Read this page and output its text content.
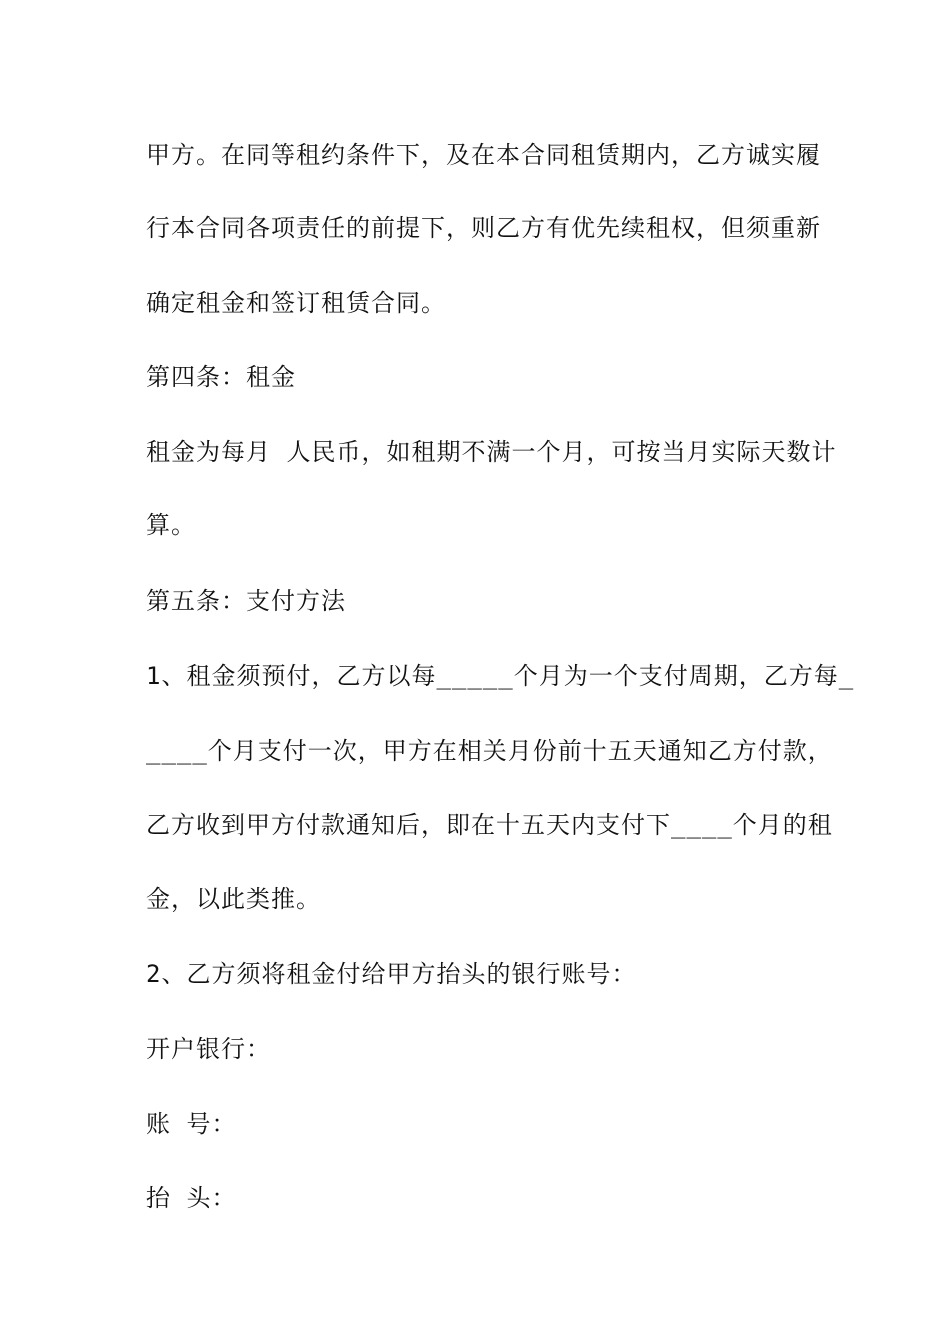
甲方。在同等租约条件下，及在本合同租赁期内，乙方诚实履
行本合同各项责任的前提下，则乙方有优先续租权，但须重新
确定租金和签订租赁合同。
第四条：租金
租金为每月 人民币，如租期不满一个月，可按当月实际天数计
算。
第五条：支付方法
1、租金须预付，乙方以每_____个月为一个支付周期，乙方每_
____个月支付一次，甲方在相关月份前十五天通知乙方付款，
乙方收到甲方付款通知后，即在十五天内支付下____个月的租
金，以此类推。
2、乙方须将租金付给甲方抬头的银行账号：
开户银行：
账 号：
抬 头：
